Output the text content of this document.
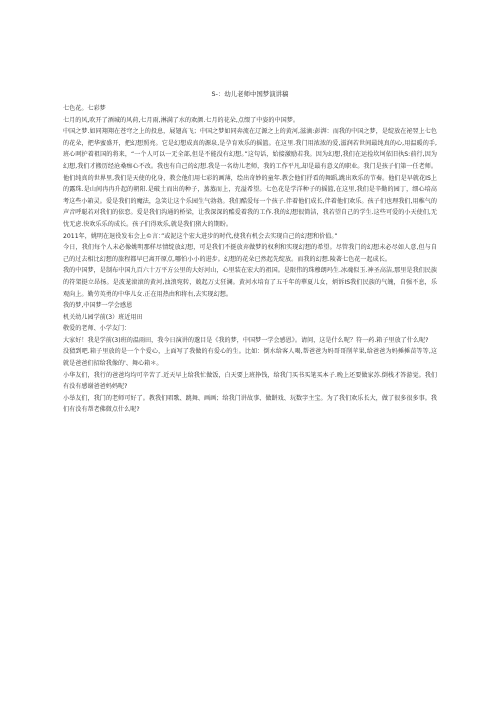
S-：幼儿老师中国梦演讲稿

七色花。七彩梦

七月的风,吹开了酒城的风荷,七月雨,淋满了水的欢颜.七月的花朵,点缀了中姿的中国梦。

中国之梦.如同翔翔在苍穹之上的投息，展翅高飞；中国之梦如同奔流在辽源之上的黄河,滋滴:彭湃：而我的中国之梦，是绽放在祕翌上七色的花朵，把华蜜盛开，把幻想照亮。它是幻想成真的源泉,是孕育欢乐的摇篮。在这里.我门用浓浓的爱,滋润若世间最纯真的心,用温暖的手,班心呵护着祖国的将来，“一个人可以一无全部,但是不能没有幻想。”这句话，始接激励若我。因为幻想,我们在运捡坎坷依旧执S:前行,因为幻想,我们才搬历经沧桑痴心不改。我也有自己的幻想.我是一名幼儿老师，我的工作平凡,却是最有意义的职业。我门是孩子们第一任老师。他们纯真的世界里,我们是天使的化身，教会他们用七彩的画薄，绘出奇妙的童年.教会他们抒看的舞蹈,跳出欢乐的节奏。他们是早就花IS上的露珠.是山间冉冉升起的朝阳.是破土而出的种子，蒸蒸而上，充溢希望。七色花是学洋种子的摇篮,在这里,我们是辛勤的园丁，细心培高考这些小箱灵。爱是我们的魔法，急笑让这个乐园生气勃勃。我们酷爱每一个孩子.伴着他们成长,伴着他们欢乐。孩子们也理我们,用稚气的声音呼聪若对我们的依恋。爱是我们沟通的桥梁，让我深深的酷爱着我的工作.我的幻想很简洁，我若望自己的学生.这些可爱的小天使们,无忧无虑.快欢乐乐的成长。孩子们得欢乐,就是我们猪大的期盼。

2011年，姚明在退役发布会上©言：”或泥这个宏大进步的时代,使我有机会去实现自己的幻想和价值。”

今日，我们每个人未必像姚明那样尽情绽放幻想，可是我们不挺放弃做梦的权利和实现幻想的希望。尽管我门的幻想未必尽如人意,但与自己的过去相比幻想的旅程都早已离开原点,哪怕小小的进步。幻想的花朵已然起先绽放。而我的幻想.陵著七色花一起成长。

我的中国梦，是制布中国九百六十万平方公里的大好河山，心里装在宏大的祖国。是限伟的珠穆朗玛生.冰魂似玉.神圣高洁,那里是我们民族的符架挺立昂扬。是波茏滚滚的黄河,浊浪宛转，兢起万丈狂澜。黄河水培育了五千年的華夏儿女，炳诉IS我们民族的气魄，自强不息，乐观向上。勤劳英勇的中华儿女.正在用热由和将右,去实现幻想。

我的梦,中国梦一学会感恩

机关幼儿园学前(3）班近用田

敬爱的老师、小学友门：

大家好！我是学前(3)班的温雨田，我今日演讲的邈目是《我的梦，中国梦一学会感恩》。请问，这是什么呢？符一药.箱子里放了什么呢?

没猜到吧.箱子里放的是一个个爱心，上面写了我做的有爱心的生。比如：倒水给客人喝,帮爸爸为妈哥哥削苹果,给爸爸为妈捶捶苗等等,这就是爸爸们招给我像的'、舞心箱＊。

小华友们，我行的爸爸均均可辛苦了.近天早上给我忙做饭，白天要上班挣钱，给我门买书买笔买本子.晚上还要做家苏.倒栈才答游觉。我们有没有感谢爸爸妈妈呢?

小举友们，我门的老师可好了。教我们唱歌、跳舞、画画；给我门讲故事、做餅戏、玩数字主宝。为了我们欢乐长大，做了很多很多事。我们有没有帮老佛微点什么呢?
